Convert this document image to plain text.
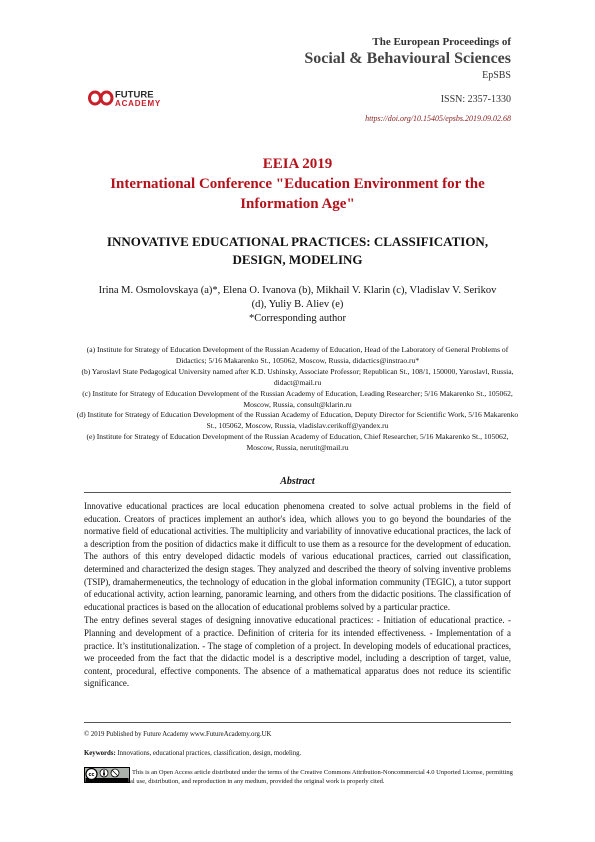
The European Proceedings of
Social & Behavioural Sciences
EpSBS
FUTURE
ACADEMY	ISSN: 2357-1330
https://doi.org/10.15405/epsbs.2019.09.02.68
EEIA 2019
International Conference "Education Environment for the
Information Age"
INNOVATIVE EDUCATIONAL PRACTICES: CLASSIFICATION,
DESIGN, MODELING
Irina M. Osmolovskaya (a)*, Elena O. Ivanova (b), Mikhail V. Klarin (c), Vladislav V. Serikov
(d), Yuliy B. Aliev (e)
*Corresponding author
(a) Institute for Strategy of Education Development of the Russian Academy of Education, Head of the Laboratory of General Problems of Didactics; 5/16 Makarenko St., 105062, Moscow, Russia, didactics@instrao.ru*
(b) Yaroslavl State Pedagogical University named after K.D. Ushinsky, Associate Professor; Republican St., 108/1, 150000, Yaroslavl, Russia, didact@mail.ru
(c) Institute for Strategy of Education Development of the Russian Academy of Education, Leading Researcher; 5/16 Makarenko St., 105062, Moscow, Russia, consult@klarin.ru
(d) Institute for Strategy of Education Development of the Russian Academy of Education, Deputy Director for Scientific Work, 5/16 Makarenko St., 105062, Moscow, Russia, vladislav.cerikoff@yandex.ru
(e) Institute for Strategy of Education Development of the Russian Academy of Education, Chief Researcher, 5/16 Makarenko St., 105062, Moscow, Russia, nerutit@mail.ru
Abstract

Innovative educational practices are local education phenomena created to solve actual problems in the field of education. Creators of practices implement an author's idea, which allows you to go beyond the boundaries of the normative field of educational activities. The multiplicity and variability of innovative educational practices, the lack of a description from the position of didactics make it difficult to use them as a resource for the development of education. The authors of this entry developed didactic models of various educational practices, carried out classification, determined and characterized the design stages. They analyzed and described the theory of solving inventive problems (TSIP), dramahermeneutics, the technology of education in the global information community (TEGIC), a tutor support of educational activity, action learning, panoramic learning, and others from the didactic positions. The classification of educational practices is based on the allocation of educational problems solved by a particular practice.

The entry defines several stages of designing innovative educational practices: - Initiation of educational practice. - Planning and development of a practice. Definition of criteria for its intended effectiveness. - Implementation of a practice. It’s institutionalization. - The stage of completion of a project. In developing models of educational practices, we proceeded from the fact that the didactic model is a descriptive model, including a description of target, value, content, procedural, effective components. The absence of a mathematical apparatus does not reduce its scientific significance.

© 2019 Published by Future Academy www.FutureAcademy.org.UK
Keywords: Innovations, educational practices, classification, design, modeling.
cc	This is an Open Access article distributed under the terms of the Creative Commons Attribution-Noncommercial 4.0 Unported License, permitting all non-commercial use, distribution, and reproduction in any medium, provided the original work is properly cited.
